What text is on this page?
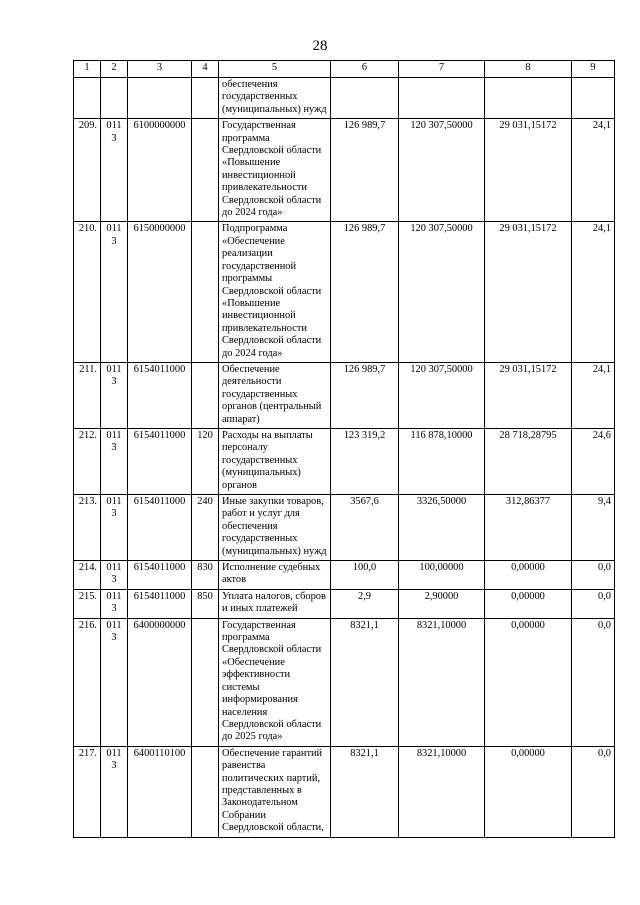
28
1	2	3	4	5	6	7	8	9
				обеспечения государственных (муниципальных) нужд				
209.	0113	6100000000		Государственная программа Свердловской области «Повышение инвестиционной привлекательности Свердловской области до 2024 года»	126 989,7	120 307,50000	29 031,15172	24,1
210.	0113	6150000000		Подпрограмма «Обеспечение реализации государственной программы Свердловской области «Повышение инвестиционной привлекательности Свердловской области до 2024 года»	126 989,7	120 307,50000	29 031,15172	24,1
211.	0113	6154011000		Обеспечение деятельности государственных органов (центральный аппарат)	126 989,7	120 307,50000	29 031,15172	24,1
212.	0113	6154011000	120	Расходы на выплаты персоналу государственных (муниципальных) органов	123 319,2	116 878,10000	28 718,28795	24,6
213.	0113	6154011000	240	Иные закупки товаров, работ и услуг для обеспечения государственных (муниципальных) нужд	3567,6	3326,50000	312,86377	9,4
214.	0113	6154011000	830	Исполнение судебных актов	100,0	100,00000	0,00000	0,0
215.	0113	6154011000	850	Уплата налогов, сборов и иных платежей	2,9	2,90000	0,00000	0,0
216.	0113	6400000000		Государственная программа Свердловской области «Обеспечение эффективности системы информирования населения Свердловской области до 2025 года»	8321,1	8321,10000	0,00000	0,0
217.	0113	6400110100		Обеспечение гарантий равенства политических партий, представленных в Законодательном Собрании Свердловской области,	8321,1	8321,10000	0,00000	0,0
